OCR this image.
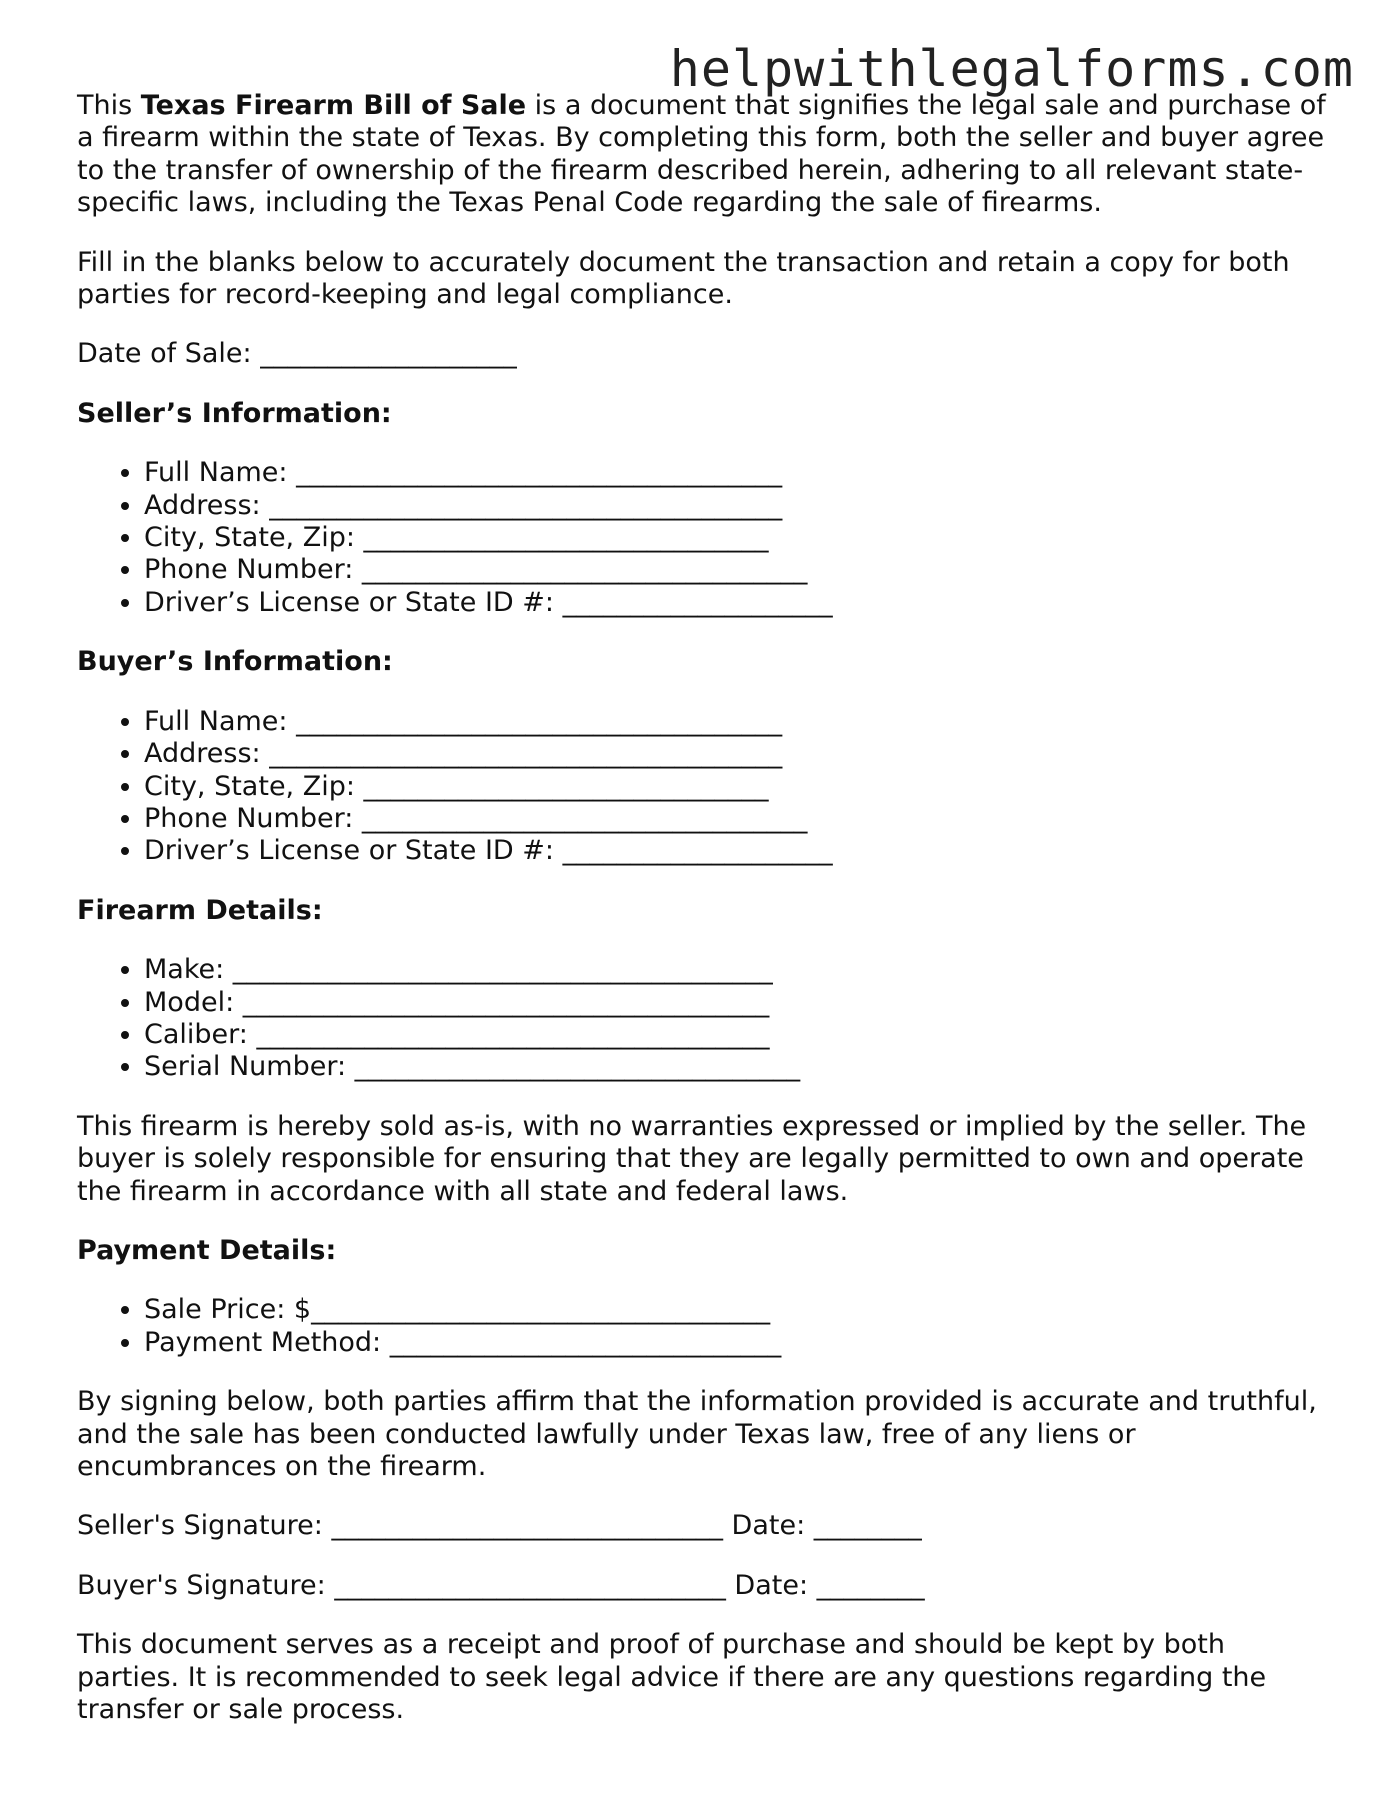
helpwithlegalforms.com

This Texas Firearm Bill of Sale is a document that signifies the legal sale and purchase of a firearm within the state of Texas. By completing this form, both the seller and buyer agree to the transfer of ownership of the firearm described herein, adhering to all relevant state-specific laws, including the Texas Penal Code regarding the sale of firearms.

Fill in the blanks below to accurately document the transaction and retain a copy for both parties for record-keeping and legal compliance.

Date of Sale: ___________________

Seller’s Information:
• Full Name: ____________________________________
• Address: ______________________________________
• City, State, Zip: ______________________________
• Phone Number: _________________________________
• Driver’s License or State ID #: ____________________
Buyer’s Information:
• Full Name: ____________________________________
• Address: ______________________________________
• City, State, Zip: ______________________________
• Phone Number: _________________________________
• Driver’s License or State ID #: ____________________
Firearm Details:
• Make: ________________________________________
• Model: _______________________________________
• Caliber: ______________________________________
• Serial Number: _________________________________

This firearm is hereby sold as-is, with no warranties expressed or implied by the seller. The buyer is solely responsible for ensuring that they are legally permitted to own and operate the firearm in accordance with all state and federal laws.

Payment Details:
• Sale Price: $__________________________________
• Payment Method: _____________________________

By signing below, both parties affirm that the information provided is accurate and truthful, and the sale has been conducted lawfully under Texas law, free of any liens or encumbrances on the firearm.

Seller's Signature: _____________________________ Date: ________

Buyer's Signature: _____________________________ Date: ________

This document serves as a receipt and proof of purchase and should be kept by both parties. It is recommended to seek legal advice if there are any questions regarding the transfer or sale process.
